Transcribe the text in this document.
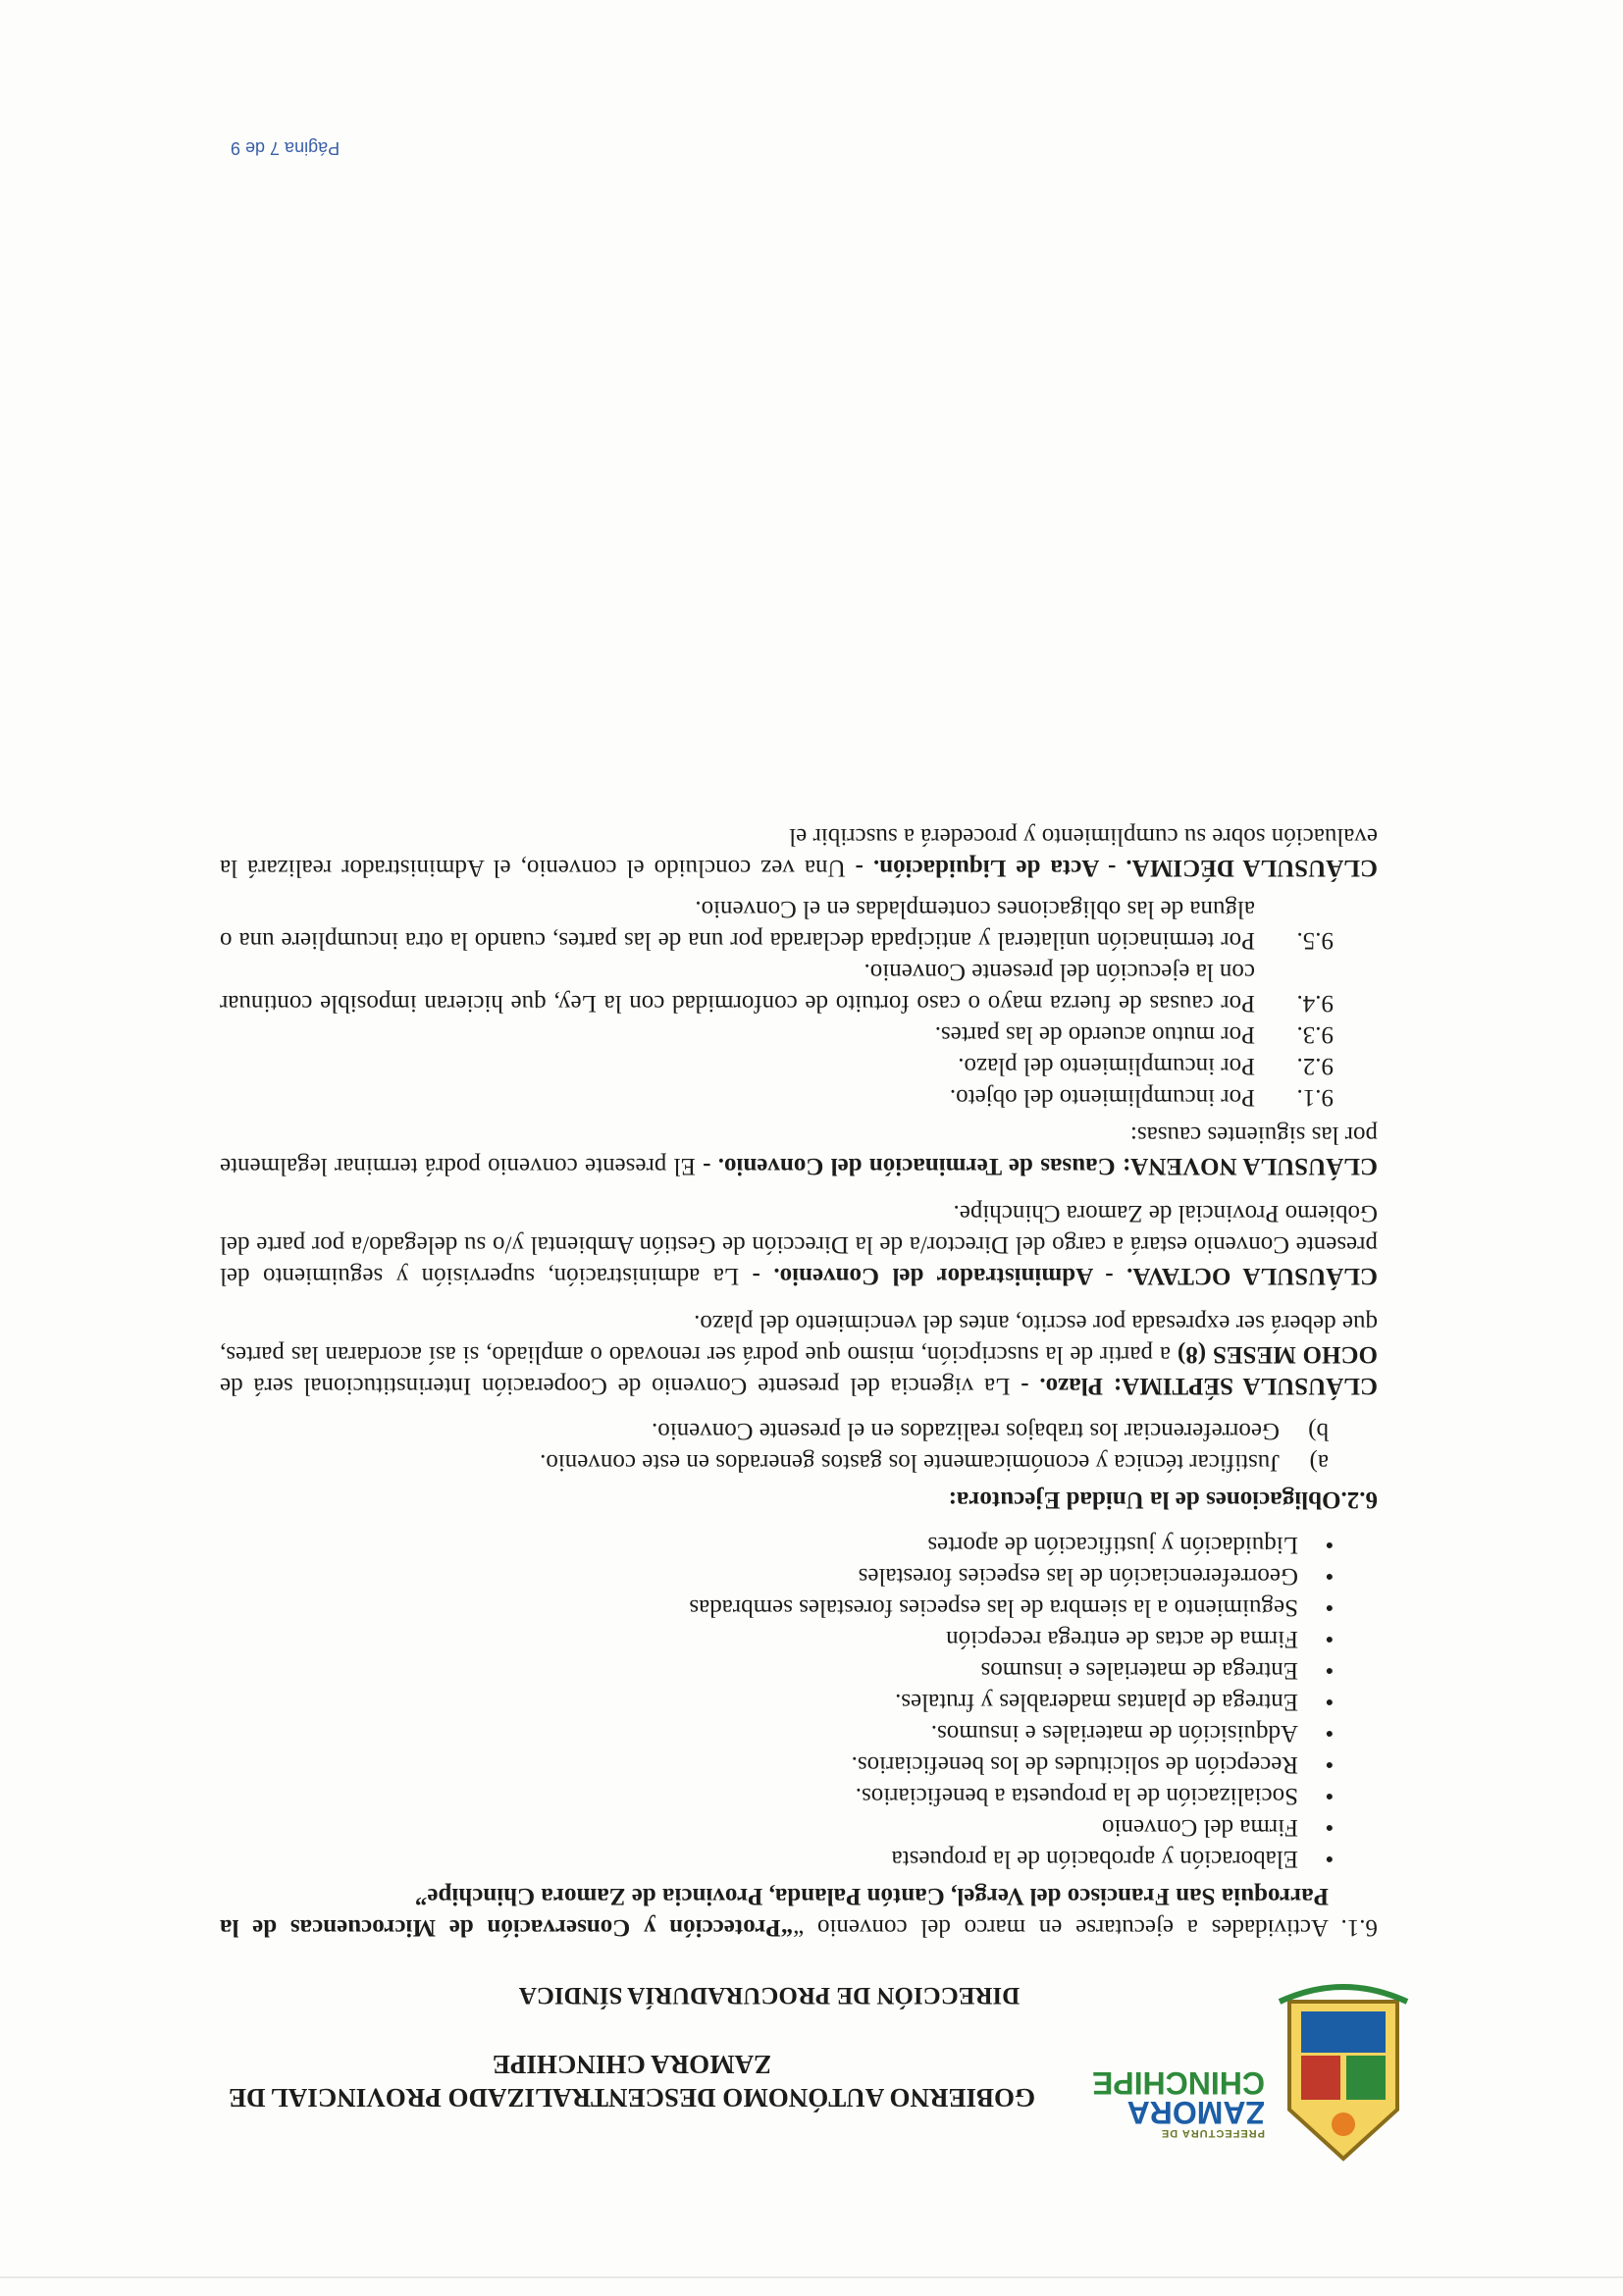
PREFECTURA DE
ZAMORA
CHINCHIPE
GOBIERNO AUTÓNOMO DESCENTRALIZADO PROVINCIAL DE
ZAMORA CHINCHIPE
DIRECCIÓN DE PROCURADURÍA SÍNDICA
6.1.
Actividades a ejecutarse en marco del convenio ““Protección y Conservación de Microcuencas de la Parroquia San Francisco del Vergel, Cantón Palanda, Provincia de Zamora Chinchipe”
● Elaboración y aprobación de la propuesta
● Firma del Convenio
● Socialización de la propuesta a beneficiarios.
● Recepción de solicitudes de los beneficiarios.
● Adquisición de materiales e insumos.
● Entrega de plantas maderables y frutales.
● Entrega de materiales e insumos
● Firma de actas de entrega recepción
● Seguimiento a la siembra de las especies forestales sembradas
● Georreferenciación de las especies forestales
● Liquidación y justificación de aportes

6.2.Obligaciones de la Unidad Ejecutora:

a)
Justificar técnica y económicamente los gastos generados en este convenio.
b)
Georreferenciar los trabajos realizados en el presente Convenio.

CLÁUSULA SÉPTIMA: Plazo. - La vigencia del presente Convenio de Cooperación Interinstitucional será de OCHO MESES (8) a partir de la suscripción, mismo que podrá ser renovado o ampliado, si así acordaran las partes, que deberá ser expresada por escrito, antes del vencimiento del plazo.

CLÁUSULA OCTAVA. - Administrador del Convenio. - La administración, supervisión y seguimiento del presente Convenio estará a cargo del Director/a de la Dirección de Gestión Ambiental y/o su delegado/a por parte del Gobierno Provincial de Zamora Chinchipe.

CLÁUSULA NOVENA: Causas de Terminación del Convenio. - El presente convenio podrá terminar legalmente por las siguientes causas:

9.1.
Por incumplimiento del objeto.
9.2.
Por incumplimiento del plazo.
9.3.
Por mutuo acuerdo de las partes.
9.4.
Por causas de fuerza mayo o caso fortuito de conformidad con la Ley, que hicieran imposible continuar con la ejecución del presente Convenio.
9.5.
Por terminación unilateral y anticipada declarada por una de las partes, cuando la otra incumpliere una o alguna de las obligaciones contempladas en el Convenio.

CLÁUSULA DÉCIMA. - Acta de Liquidación. - Una vez concluido el convenio, el Administrador realizará la evaluación sobre su cumplimiento y procederá a suscribir el

Página 7 de 9
